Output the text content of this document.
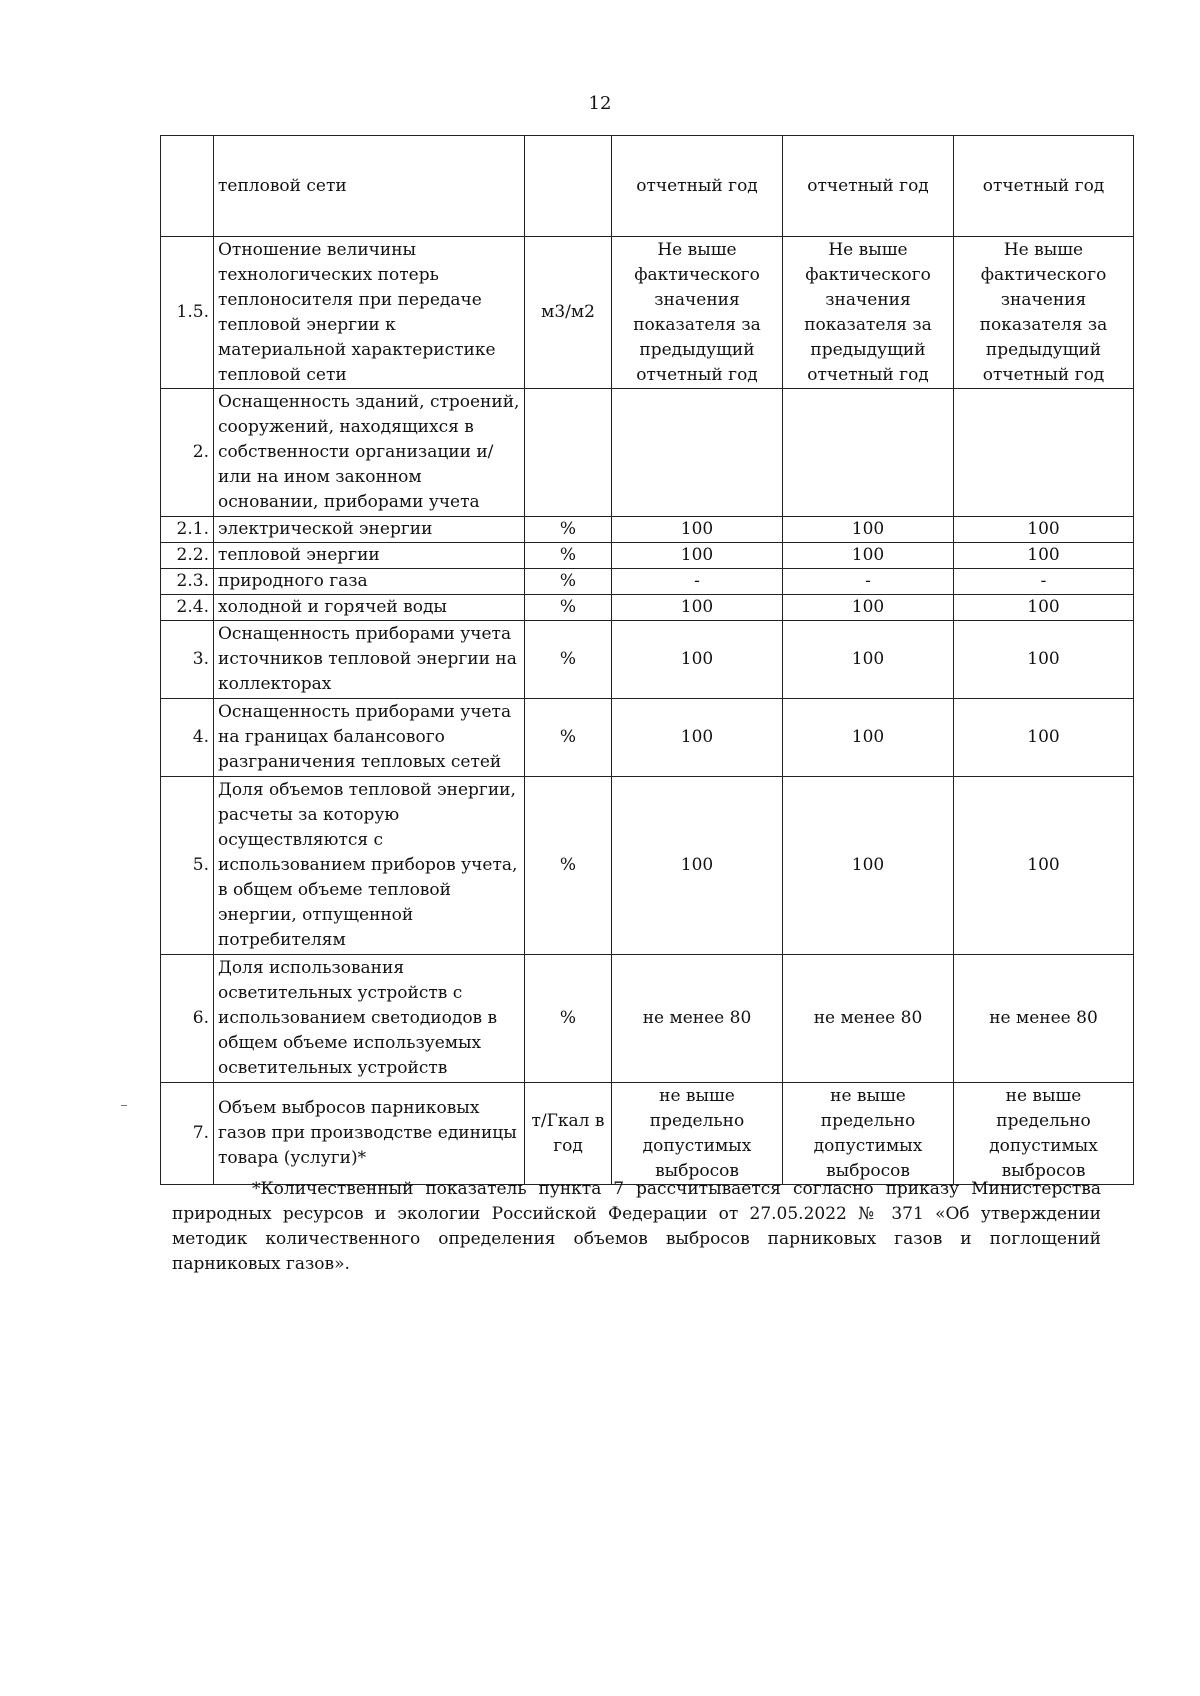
12
	тепловой сети		отчетный год	отчетный год	отчетный год
1.5.	Отношение величины технологических потерь теплоносителя при передаче тепловой энергии к материальной характеристике тепловой сети	м3/м2	Не выше фактического значения показателя за предыдущий отчетный год	Не выше фактического значения показателя за предыдущий отчетный год	Не выше фактического значения показателя за предыдущий отчетный год
2.	Оснащенность зданий, строений, сооружений, находящихся в собственности организации и/или на ином законном основании, приборами учета				
2.1.	электрической энергии	%	100	100	100
2.2.	тепловой энергии	%	100	100	100
2.3.	природного газа	%	-	-	-
2.4.	холодной и горячей воды	%	100	100	100
3.	Оснащенность приборами учета источников тепловой энергии на коллекторах	%	100	100	100
4.	Оснащенность приборами учета на границах балансового разграничения тепловых сетей	%	100	100	100
5.	Доля объемов тепловой энергии, расчеты за которую осуществляются с использованием приборов учета, в общем объеме тепловой энергии, отпущенной потребителям	%	100	100	100
6.	Доля использования осветительных устройств с использованием светодиодов в общем объеме используемых осветительных устройств	%	не менее 80	не менее 80	не менее 80
7.	Объем выбросов парниковых газов при производстве единицы товара (услуги)*	т/Гкал в год	не выше предельно допустимых выбросов	не выше предельно допустимых выбросов	не выше предельно допустимых выбросов
*Количественный показатель пункта 7 рассчитывается согласно приказу Министерства природных ресурсов и экологии Российской Федерации от 27.05.2022 № 371 «Об утверждении методик количественного определения объемов выбросов парниковых газов и поглощений парниковых газов».
